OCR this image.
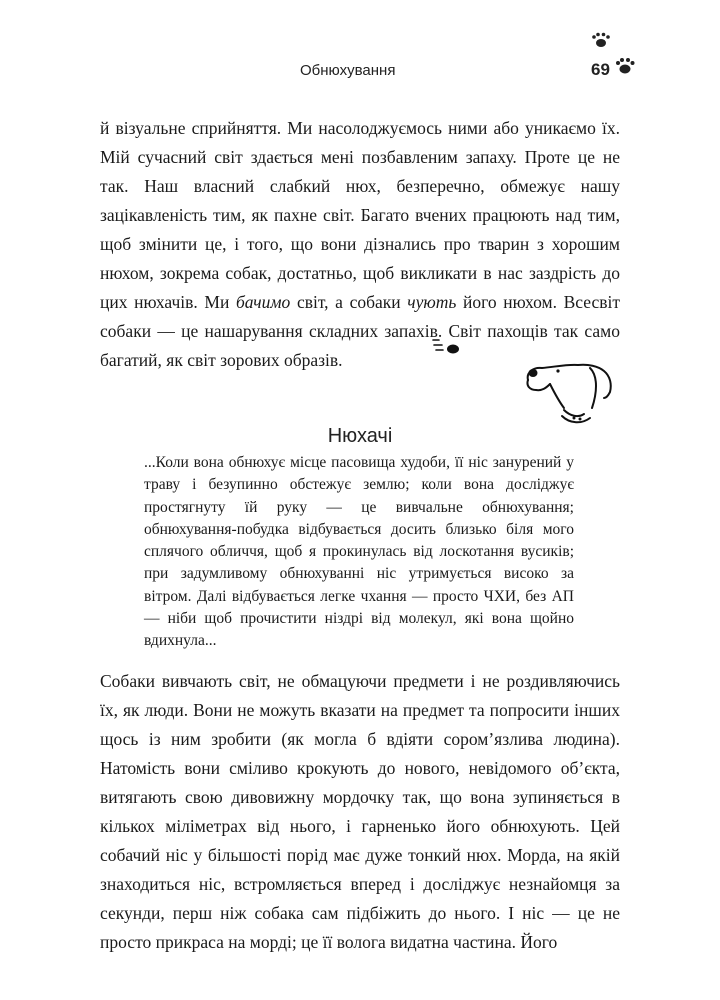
Обнюхування	69

й візуальне сприйняття. Ми насолоджуємось ними або уникаємо їх. Мій сучасний світ здається мені позбавленим запаху. Проте це не так. Наш власний слабкий нюх, безперечно, обмежує нашу зацікавленість тим, як пахне світ. Багато вчених працюють над тим, щоб змінити це, і того, що вони дізнались про тварин з хорошим нюхом, зокрема собак, достатньо, щоб викликати в нас заздрість до цих нюхачів. Ми бачимо світ, а собаки чують його нюхом. Всесвіт собаки — це нашарування складних запахів. Світ пахощів так само багатий, як світ зорових образів.

Нюхачі

...Коли вона обнюхує місце пасовища худоби, її ніс занурений у траву і безупинно обстежує землю; коли вона досліджує простягнуту їй руку — це вивчальне обнюхування; обнюхування-побудка відбувається досить близько біля мого сплячого обличчя, щоб я прокинулась від лоскотання вусиків; при задумливому обнюхуванні ніс утримується високо за вітром. Далі відбувається легке чхання — просто ЧХИ, без АП — ніби щоб прочистити ніздрі від молекул, які вона щойно вдихнула...

Собаки вивчають світ, не обмацуючи предмети і не роздивляючись їх, як люди. Вони не можуть вказати на предмет та попросити інших щось із ним зробити (як могла б вдіяти сором’язлива людина). Натомість вони сміливо крокують до нового, невідомого об’єкта, витягають свою дивовижну мордочку так, що вона зупиняється в кількох міліметрах від нього, і гарненько його обнюхують. Цей собачий ніс у більшості порід має дуже тонкий нюх. Морда, на якій знаходиться ніс, встромляється вперед і досліджує незнайомця за секунди, перш ніж собака сам підбіжить до нього. І ніс — це не просто прикраса на морді; це її волога видатна частина. Його
